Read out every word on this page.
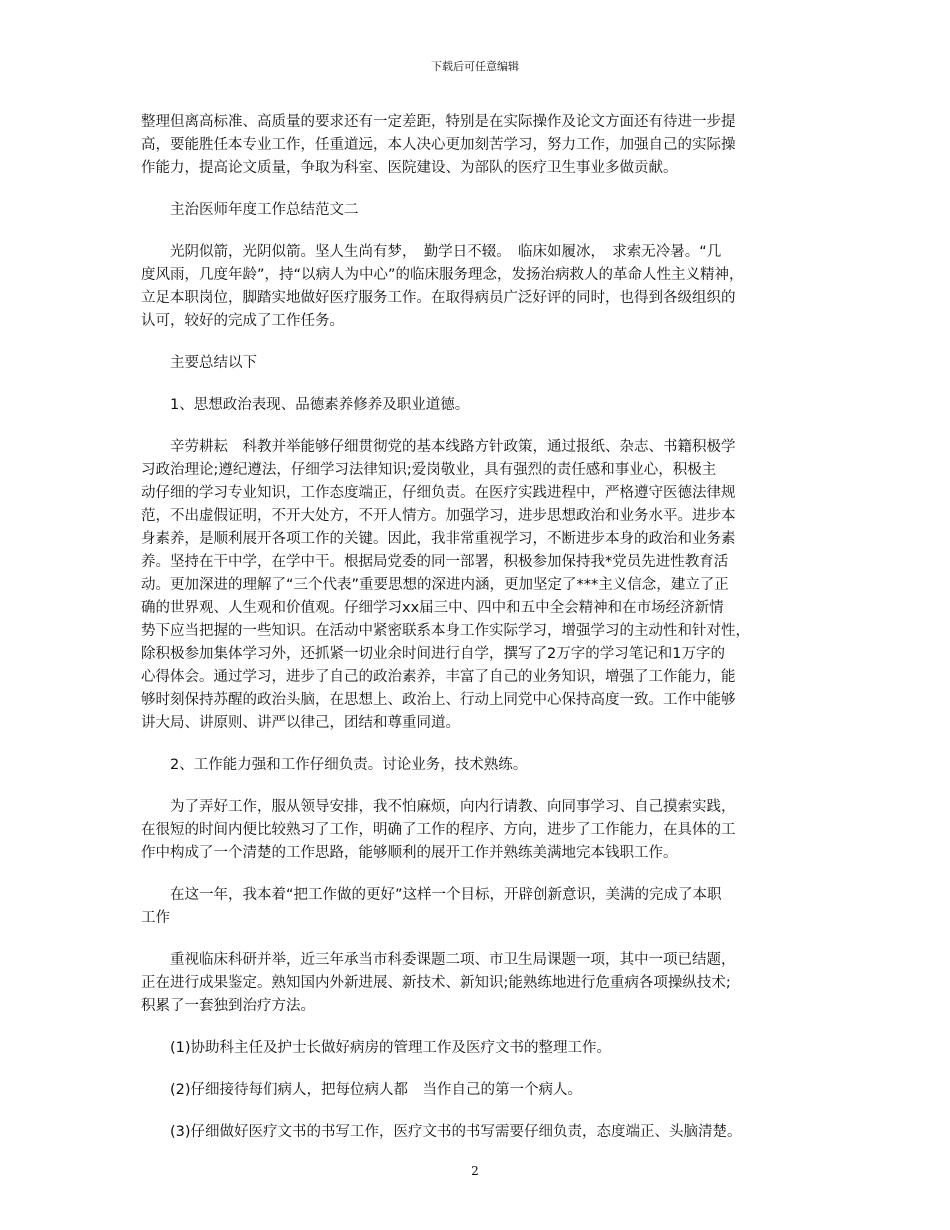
下载后可任意编辑
整理但离高标准、高质量的要求还有一定差距，特别是在实际操作及论文方面还有待进一步提
高，要能胜任本专业工作，任重道远，本人决心更加刻苦学习，努力工作，加强自己的实际操
作能力，提高论文质量，争取为科室、医院建设、为部队的医疗卫生事业多做贡献。
　　主治医师年度工作总结范文二
　　光阴似箭，光阴似箭。坚人生尚有梦，　勤学日不辍。　临床如履冰，　求索无冷暑。“几
度风雨，几度年龄”，持“以病人为中心”的临床服务理念，发扬治病救人的革命人性主义精神，
立足本职岗位，脚踏实地做好医疗服务工作。在取得病员广泛好评的同时，也得到各级组织的
认可，较好的完成了工作任务。
　　主要总结以下
　　1、思想政治表现、品德素养修养及职业道德。
　　辛劳耕耘　科教并举能够仔细贯彻党的基本线路方针政策，通过报纸、杂志、书籍积极学
习政治理论;遵纪遵法，仔细学习法律知识;爱岗敬业，具有强烈的责任感和事业心，积极主
动仔细的学习专业知识，工作态度端正，仔细负责。在医疗实践进程中，严格遵守医德法律规
范，不出虚假证明，不开大处方，不开人情方。加强学习，进步思想政治和业务水平。进步本
身素养，是顺利展开各项工作的关键。因此，我非常重视学习，不断进步本身的政治和业务素
养。坚持在干中学，在学中干。根据局党委的同一部署，积极参加保持我*党员先进性教育活
动。更加深进的理解了“三个代表”重要思想的深进内涵，更加坚定了***主义信念，建立了正
确的世界观、人生观和价值观。仔细学习xx届三中、四中和五中全会精神和在市场经济新情
势下应当把握的一些知识。在活动中紧密联系本身工作实际学习，增强学习的主动性和针对性，
除积极参加集体学习外，还抓紧一切业余时间进行自学，撰写了2万字的学习笔记和1万字的
心得体会。通过学习，进步了自己的政治素养，丰富了自己的业务知识，增强了工作能力，能
够时刻保持苏醒的政治头脑，在思想上、政治上、行动上同党中心保持高度一致。工作中能够
讲大局、讲原则、讲严以律己，团结和尊重同道。
　　2、工作能力强和工作仔细负责。讨论业务，技术熟练。
　　为了弄好工作，服从领导安排，我不怕麻烦，向内行请教、向同事学习、自己摸索实践，
在很短的时间内便比较熟习了工作，明确了工作的程序、方向，进步了工作能力，在具体的工
作中构成了一个清楚的工作思路，能够顺利的展开工作并熟练美满地完本钱职工作。
　　在这一年，我本着“把工作做的更好”这样一个目标，开辟创新意识，美满的完成了本职
工作
　　重视临床科研并举，近三年承当市科委课题二项、市卫生局课题一项，其中一项已结题，
正在进行成果鉴定。熟知国内外新进展、新技术、新知识;能熟练地进行危重病各项操纵技术;
积累了一套独到治疗方法。
　　(1)协助科主任及护士长做好病房的管理工作及医疗文书的整理工作。
　　(2)仔细接待每们病人，把每位病人都　当作自己的第一个病人。
　　(3)仔细做好医疗文书的书写工作，医疗文书的书写需要仔细负责，态度端正、头脑清楚。
2
